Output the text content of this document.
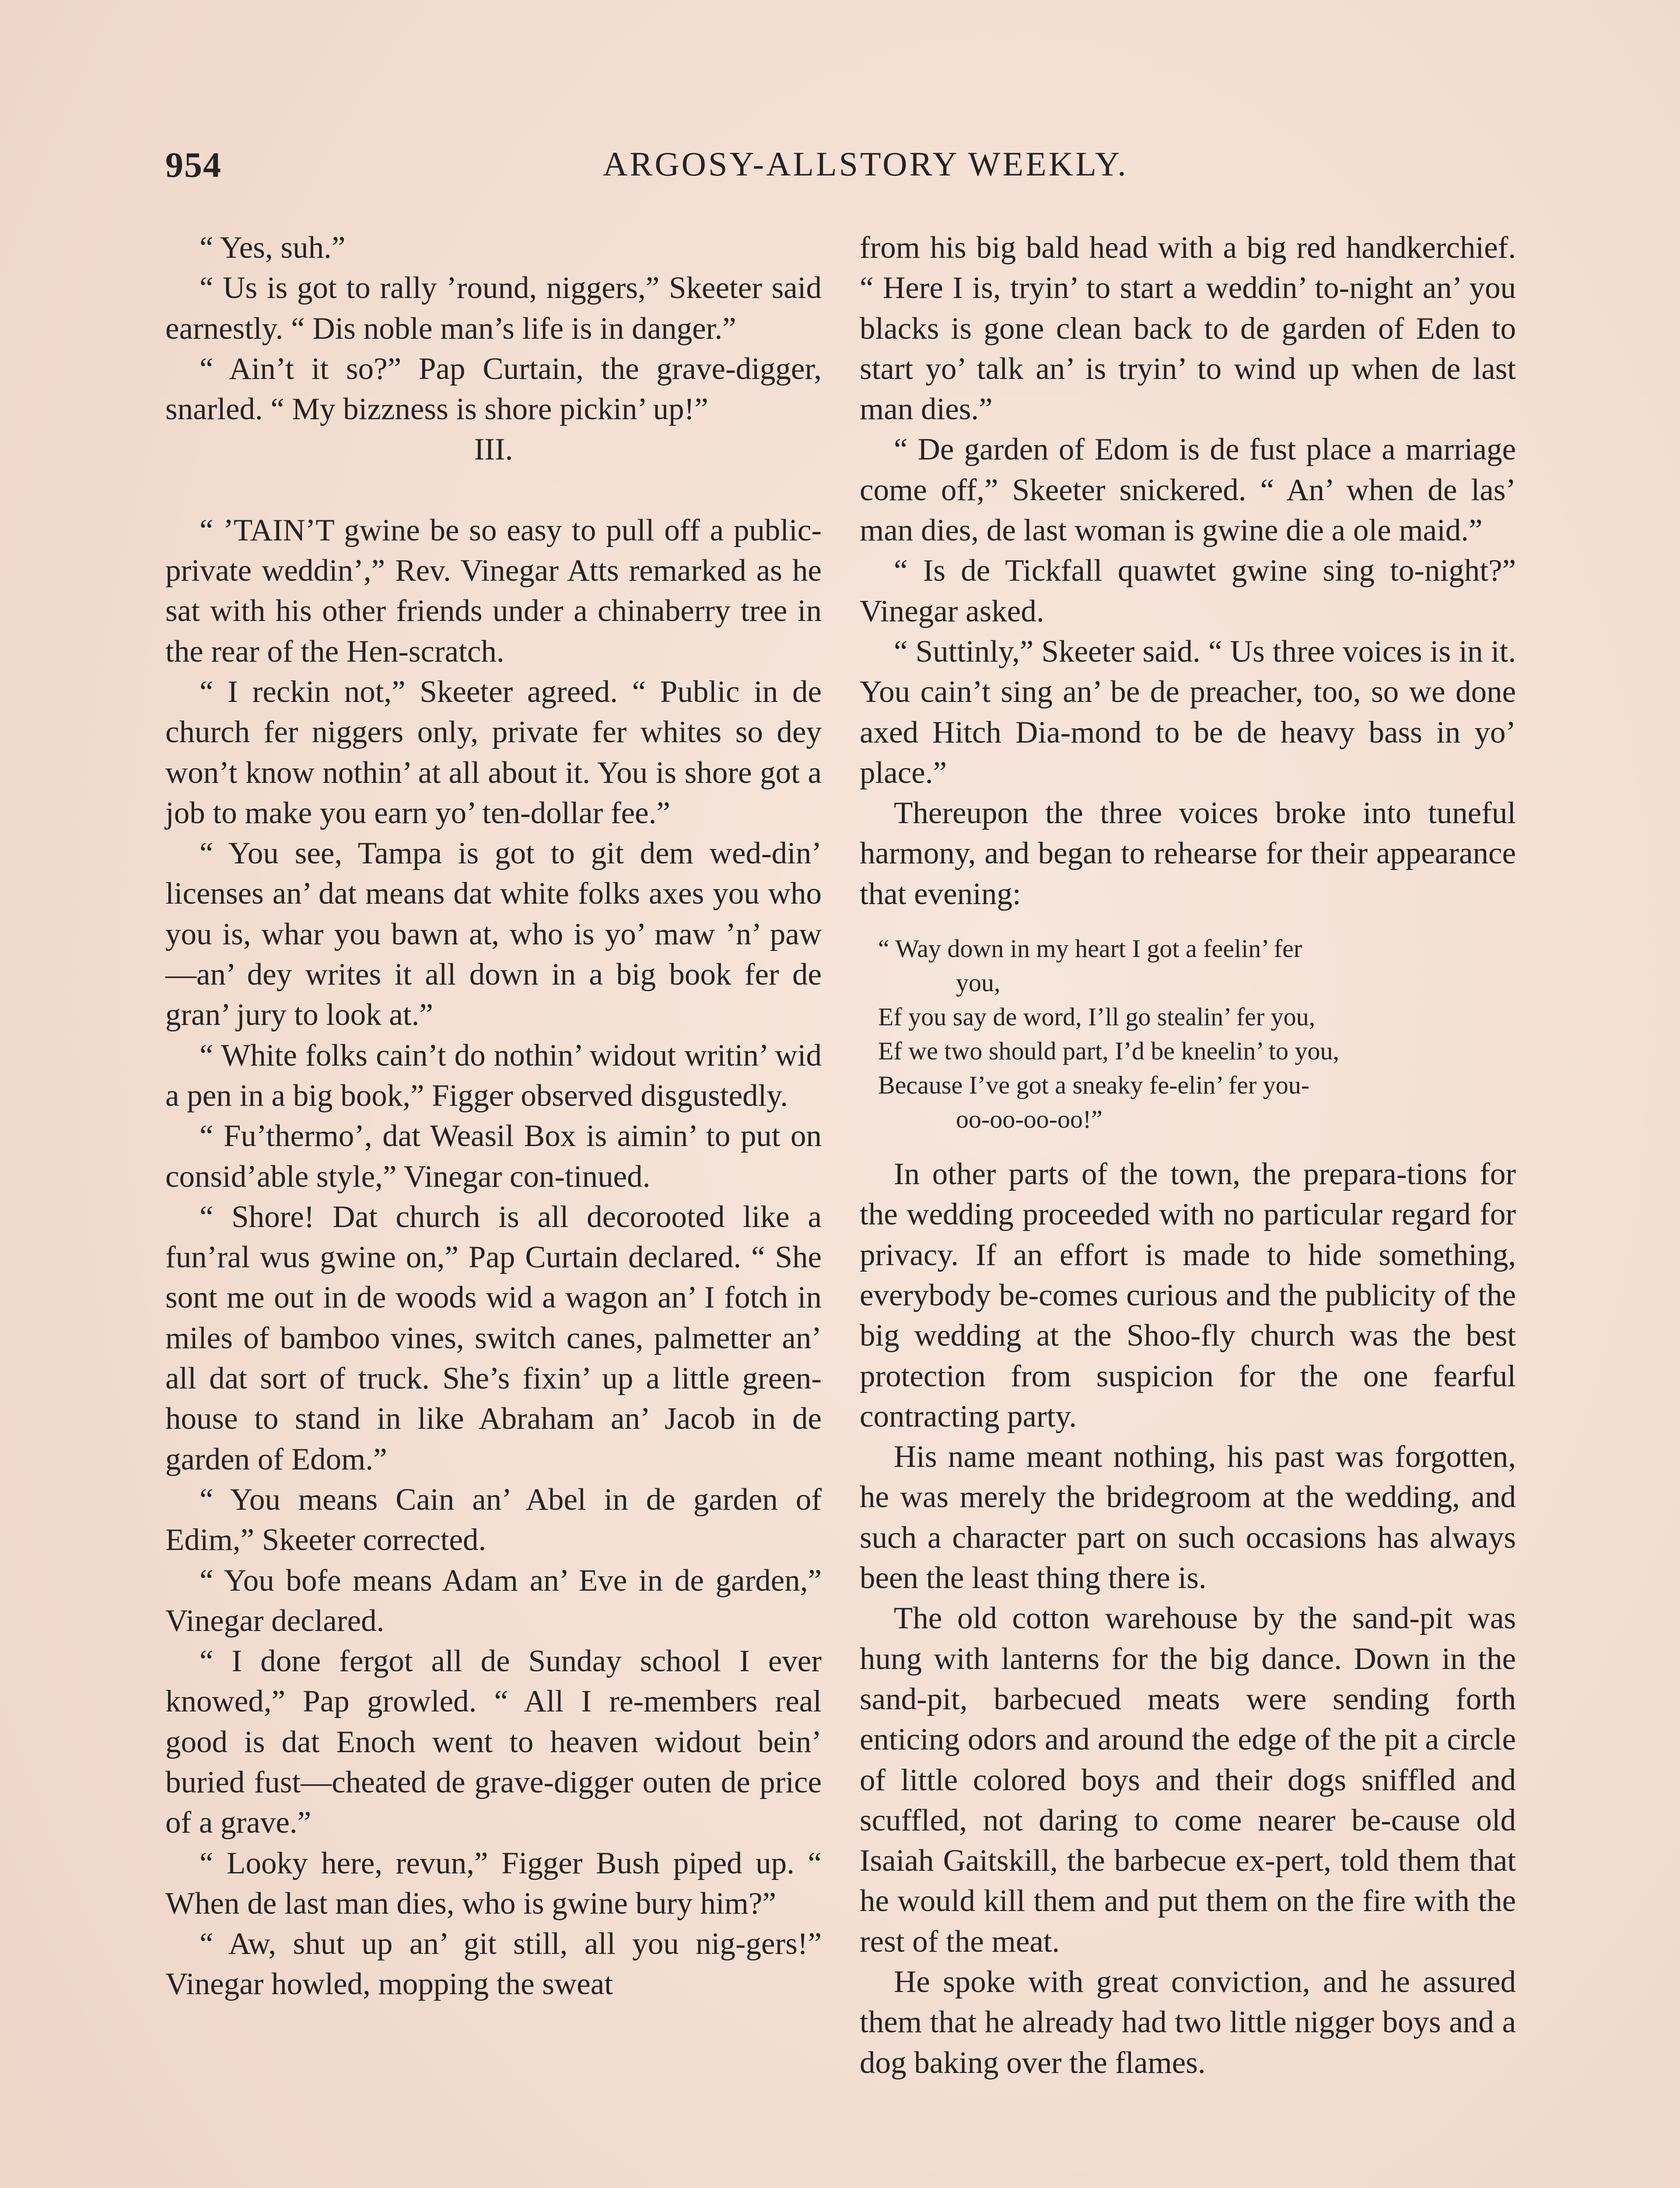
954	ARGOSY-ALLSTORY WEEKLY.

“ Yes, suh.”

“ Us is got to rally ’round, niggers,” Skeeter said earnestly. “ Dis noble man’s life is in danger.”

“ Ain’t it so?” Pap Curtain, the grave-digger, snarled. “ My bizzness is shore pickin’ up!”

III.

“ ’TAIN’T gwine be so easy to pull off a public-private weddin’,” Rev. Vinegar Atts remarked as he sat with his other friends under a chinaberry tree in the rear of the Hen-scratch.

“ I reckin not,” Skeeter agreed. “ Public in de church fer niggers only, private fer whites so dey won’t know nothin’ at all about it. You is shore got a job to make you earn yo’ ten-dollar fee.”

“ You see, Tampa is got to git dem wed-din’ licenses an’ dat means dat white folks axes you who you is, whar you bawn at, who is yo’ maw ’n’ paw—an’ dey writes it all down in a big book fer de gran’ jury to look at.”

“ White folks cain’t do nothin’ widout writin’ wid a pen in a big book,” Figger observed disgustedly.

“ Fu’thermo’, dat Weasil Box is aimin’ to put on consid’able style,” Vinegar con-tinued.

“ Shore! Dat church is all decorooted like a fun’ral wus gwine on,” Pap Curtain declared. “ She sont me out in de woods wid a wagon an’ I fotch in miles of bamboo vines, switch canes, palmetter an’ all dat sort of truck. She’s fixin’ up a little green-house to stand in like Abraham an’ Jacob in de garden of Edom.”

“ You means Cain an’ Abel in de garden of Edim,” Skeeter corrected.

“ You bofe means Adam an’ Eve in de garden,” Vinegar declared.

“ I done fergot all de Sunday school I ever knowed,” Pap growled. “ All I re-members real good is dat Enoch went to heaven widout bein’ buried fust—cheated de grave-digger outen de price of a grave.”

“ Looky here, revun,” Figger Bush piped up. “ When de last man dies, who is gwine bury him?”

“ Aw, shut up an’ git still, all you nig-gers!” Vinegar howled, mopping the sweat

from his big bald head with a big red handkerchief. “ Here I is, tryin’ to start a weddin’ to-night an’ you blacks is gone clean back to de garden of Eden to start yo’ talk an’ is tryin’ to wind up when de last man dies.”

“ De garden of Edom is de fust place a marriage come off,” Skeeter snickered. “ An’ when de las’ man dies, de last woman is gwine die a ole maid.”

“ Is de Tickfall quawtet gwine sing to-night?” Vinegar asked.

“ Suttinly,” Skeeter said. “ Us three voices is in it. You cain’t sing an’ be de preacher, too, so we done axed Hitch Dia-mond to be de heavy bass in yo’ place.”

Thereupon the three voices broke into tuneful harmony, and began to rehearse for their appearance that evening:

“ Way down in my heart I got a feelin’ fer
you,
Ef you say de word, I’ll go stealin’ fer you,
Ef we two should part, I’d be kneelin’ to you,
Because I’ve got a sneaky fe-elin’ fer you-
oo-oo-oo-oo!”

In other parts of the town, the prepara-tions for the wedding proceeded with no particular regard for privacy. If an effort is made to hide something, everybody be-comes curious and the publicity of the big wedding at the Shoo-fly church was the best protection from suspicion for the one fearful contracting party.

His name meant nothing, his past was forgotten, he was merely the bridegroom at the wedding, and such a character part on such occasions has always been the least thing there is.

The old cotton warehouse by the sand-pit was hung with lanterns for the big dance. Down in the sand-pit, barbecued meats were sending forth enticing odors and around the edge of the pit a circle of little colored boys and their dogs sniffled and scuffled, not daring to come nearer be-cause old Isaiah Gaitskill, the barbecue ex-pert, told them that he would kill them and put them on the fire with the rest of the meat.

He spoke with great conviction, and he assured them that he already had two little nigger boys and a dog baking over the flames.
